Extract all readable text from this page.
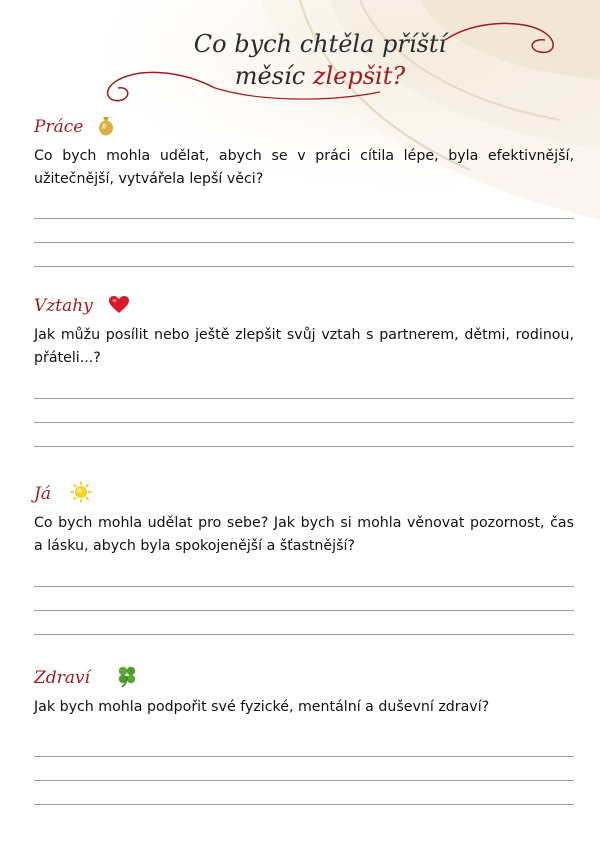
Co bych chtěla příští
měsíc zlepšit?
Práce
Co bych mohla udělat, abych se v práci cítila lépe, byla efektivnější, užitečnější, vytvářela lepší věci?
Vztahy
Jak můžu posílit nebo ještě zlepšit svůj vztah s partnerem, dětmi, rodinou, přáteli...?
Já
Co bych mohla udělat pro sebe? Jak bych si mohla věnovat pozornost, čas a lásku, abych byla spokojenější a šťastnější?
Zdraví
Jak bych mohla podpořit své fyzické, mentální a duševní zdraví?
